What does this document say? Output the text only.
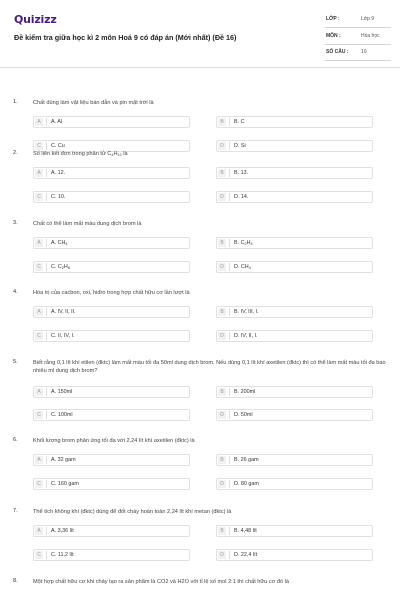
Quizizz
Đề kiểm tra giữa học kì 2 môn Hoá 9 có đáp án (Mới nhất) (Đề 16)
LỚP :	Lớp 9
MÔN :	Hóa học
SỐ CÂU :	10
1.	Chất dùng làm vật liệu bán dẫn và pin mặt trời là
A	A. Al	B	B. C
C	C. Cu	D	D. Si
2.	Số liên kết đơn trong phân tử $C_4H_{10}$ là
A	A. 12.	B	B. 13.
C	C. 10.	D	D. 14.
3.	Chất có thể làm mất màu dung dịch brom là
A	A. $CH_4$	B	B. $C_2H_4$
C	C. $C_2H_6$	D	D. $CH_4$
4.	Hóa trị của cacbon, oxi, hiđro trong hợp chất hữu cơ lần lượt là
A	A. IV, II, II.	B	B. IV, III, I.
C	C. II, IV, I.	D	D. IV, II, I.
5.	Biết rằng 0,1 lít khí etilen (đktc) làm mất màu tối đa 50ml dung dịch brom. Nếu dùng 0,1 lít khí axetilen (đktc) thì có thể làm mất màu tối đa bao nhiêu ml dung dịch brom?
A	A. 150ml	B	B. 200ml
C	C. 100ml	D	D. 50ml
6.	Khối lượng brom phản ứng tối đa với 2,24 lít khí axetilen (đktc) là
A	A. 32 gam	B	B. 26 gam
C	C. 160 gam	D	D. 80 gam
7.	Thể tích không khí (đktc) dùng để đốt cháy hoàn toàn 2,24 lít khí metan (đktc) là
A	A. 3,36 lít	B	B. 4,48 lít
C	C. 11,2 lít	D	D. 22,4 lít
8.	Một hợp chất hữu cơ khi cháy tạo ra sản phẩm là CO2 và H2O với tỉ lệ số mol 2:1 thì chất hữu cơ đó là
